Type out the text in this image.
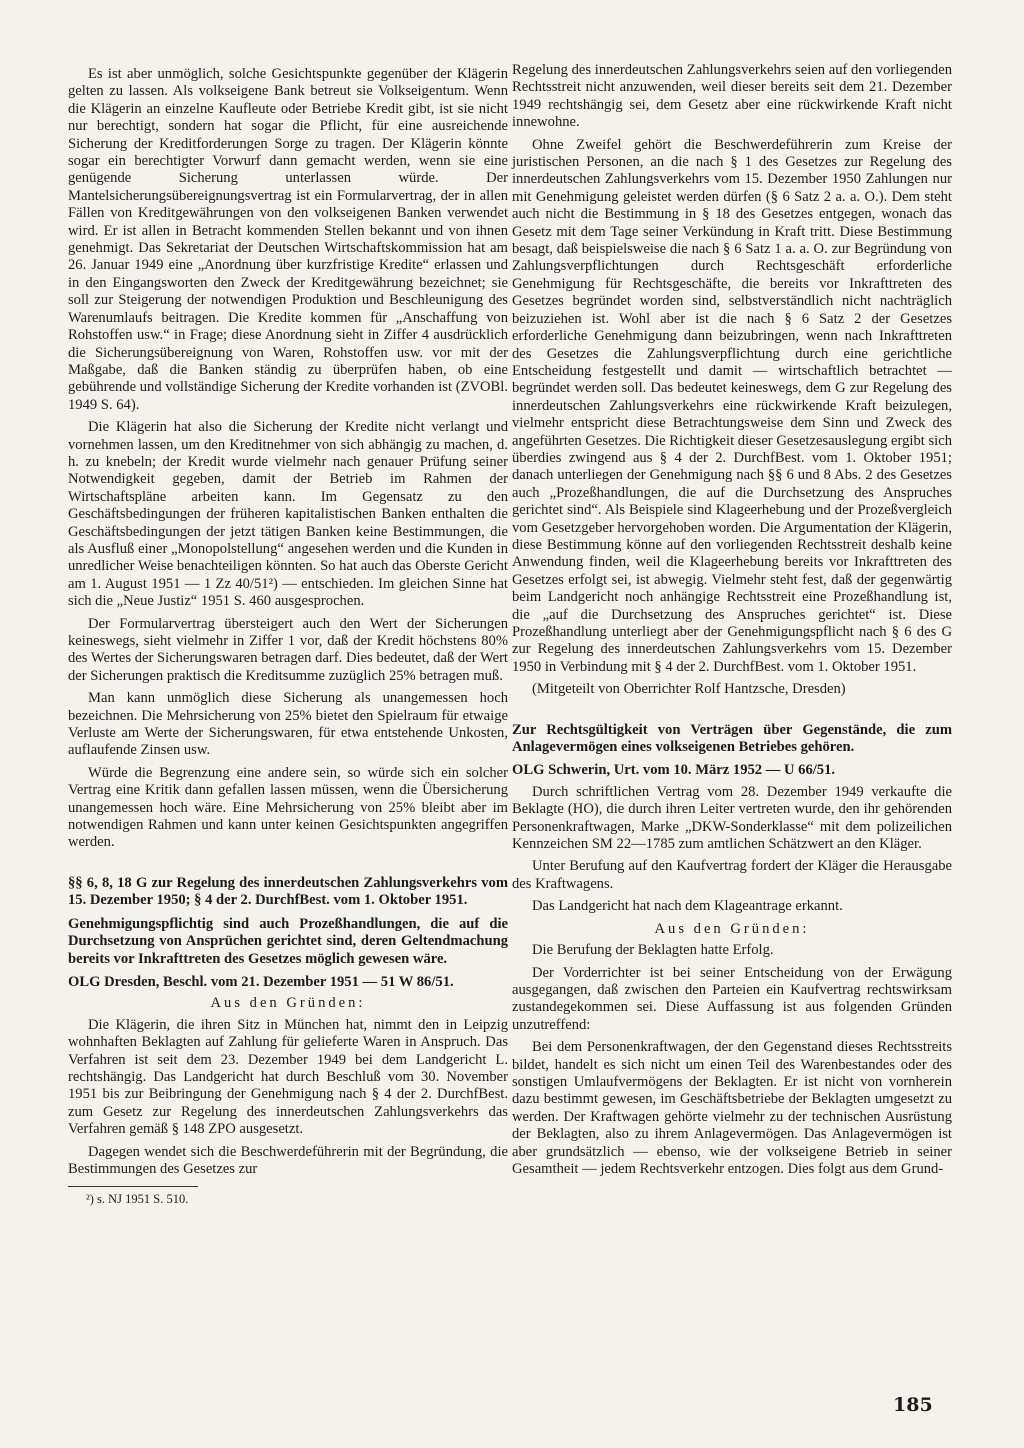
Es ist aber unmöglich, solche Gesichtspunkte gegenüber der Klägerin gelten zu lassen. Als volkseigene Bank betreut sie Volkseigentum. Wenn die Klägerin an einzelne Kaufleute oder Betriebe Kredit gibt, ist sie nicht nur berechtigt, sondern hat sogar die Pflicht, für eine ausreichende Sicherung der Kreditforderungen Sorge zu tragen. Der Klägerin könnte sogar ein berechtigter Vorwurf dann gemacht werden, wenn sie eine genügende Sicherung unterlassen würde. Der Mantelsicherungsübereignungsvertrag ist ein Formularvertrag, der in allen Fällen von Kreditgewährungen von den volkseigenen Banken verwendet wird. Er ist allen in Betracht kommenden Stellen bekannt und von ihnen genehmigt. Das Sekretariat der Deutschen Wirtschaftskommission hat am 26. Januar 1949 eine „Anordnung über kurzfristige Kredite“ erlassen und in den Eingangsworten den Zweck der Kreditgewährung bezeichnet; sie soll zur Steigerung der notwendigen Produktion und Beschleunigung des Warenumlaufs beitragen. Die Kredite kommen für „Anschaffung von Rohstoffen usw.“ in Frage; diese Anordnung sieht in Ziffer 4 ausdrücklich die Sicherungsübereignung von Waren, Rohstoffen usw. vor mit der Maßgabe, daß die Banken ständig zu überprüfen haben, ob eine gebührende und vollständige Sicherung der Kredite vorhanden ist (ZVOBl. 1949 S. 64).

Die Klägerin hat also die Sicherung der Kredite nicht verlangt und vornehmen lassen, um den Kreditnehmer von sich abhängig zu machen, d. h. zu knebeln; der Kredit wurde vielmehr nach genauer Prüfung seiner Notwendigkeit gegeben, damit der Betrieb im Rahmen der Wirtschaftspläne arbeiten kann. Im Gegensatz zu den Geschäftsbedingungen der früheren kapitalistischen Banken enthalten die Geschäftsbedingungen der jetzt tätigen Banken keine Bestimmungen, die als Ausfluß einer „Monopolstellung“ angesehen werden und die Kunden in unredlicher Weise benachteiligen könnten. So hat auch das Oberste Gericht am 1. August 1951 — 1 Zz 40/51²) — entschieden. Im gleichen Sinne hat sich die „Neue Justiz“ 1951 S. 460 ausgesprochen.

Der Formularvertrag übersteigert auch den Wert der Sicherungen keineswegs, sieht vielmehr in Ziffer 1 vor, daß der Kredit höchstens 80% des Wertes der Sicherungswaren betragen darf. Dies bedeutet, daß der Wert der Sicherungen praktisch die Kreditsumme zuzüglich 25% betragen muß.

Man kann unmöglich diese Sicherung als unangemessen hoch bezeichnen. Die Mehrsicherung von 25% bietet den Spielraum für etwaige Verluste am Werte der Sicherungswaren, für etwa entstehende Unkosten, auflaufende Zinsen usw.

Würde die Begrenzung eine andere sein, so würde sich ein solcher Vertrag eine Kritik dann gefallen lassen müssen, wenn die Übersicherung unangemessen hoch wäre. Eine Mehrsicherung von 25% bleibt aber im notwendigen Rahmen und kann unter keinen Gesichtspunkten angegriffen werden.

§§ 6, 8, 18 G zur Regelung des innerdeutschen Zahlungsverkehrs vom 15. Dezember 1950; § 4 der 2. DurchfBest. vom 1. Oktober 1951.
Genehmigungspflichtig sind auch Prozeßhandlungen, die auf die Durchsetzung von Ansprüchen gerichtet sind, deren Geltendmachung bereits vor Inkrafttreten des Gesetzes möglich gewesen wäre.
OLG Dresden, Beschl. vom 21. Dezember 1951 — 51 W 86/51.
Aus den Gründen:

Die Klägerin, die ihren Sitz in München hat, nimmt den in Leipzig wohnhaften Beklagten auf Zahlung für gelieferte Waren in Anspruch. Das Verfahren ist seit dem 23. Dezember 1949 bei dem Landgericht L. rechtshängig. Das Landgericht hat durch Beschluß vom 30. November 1951 bis zur Beibringung der Genehmigung nach § 4 der 2. DurchfBest. zum Gesetz zur Regelung des innerdeutschen Zahlungsverkehrs das Verfahren gemäß § 148 ZPO ausgesetzt.

Dagegen wendet sich die Beschwerdeführerin mit der Begründung, die Bestimmungen des Gesetzes zur

²) s. NJ 1951 S. 510.

Regelung des innerdeutschen Zahlungsverkehrs seien auf den vorliegenden Rechtsstreit nicht anzuwenden, weil dieser bereits seit dem 21. Dezember 1949 rechtshängig sei, dem Gesetz aber eine rückwirkende Kraft nicht innewohne.

Ohne Zweifel gehört die Beschwerdeführerin zum Kreise der juristischen Personen, an die nach § 1 des Gesetzes zur Regelung des innerdeutschen Zahlungsverkehrs vom 15. Dezember 1950 Zahlungen nur mit Genehmigung geleistet werden dürfen (§ 6 Satz 2 a. a. O.). Dem steht auch nicht die Bestimmung in § 18 des Gesetzes entgegen, wonach das Gesetz mit dem Tage seiner Verkündung in Kraft tritt. Diese Bestimmung besagt, daß beispielsweise die nach § 6 Satz 1 a. a. O. zur Begründung von Zahlungsverpflichtungen durch Rechtsgeschäft erforderliche Genehmigung für Rechtsgeschäfte, die bereits vor Inkrafttreten des Gesetzes begründet worden sind, selbstverständlich nicht nachträglich beizuziehen ist. Wohl aber ist die nach § 6 Satz 2 der Gesetzes erforderliche Genehmigung dann beizubringen, wenn nach Inkrafttreten des Gesetzes die Zahlungsverpflichtung durch eine gerichtliche Entscheidung festgestellt und damit — wirtschaftlich betrachtet — begründet werden soll. Das bedeutet keineswegs, dem G zur Regelung des innerdeutschen Zahlungsverkehrs eine rückwirkende Kraft beizulegen, vielmehr entspricht diese Betrachtungsweise dem Sinn und Zweck des angeführten Gesetzes. Die Richtigkeit dieser Gesetzesauslegung ergibt sich überdies zwingend aus § 4 der 2. DurchfBest. vom 1. Oktober 1951; danach unterliegen der Genehmigung nach §§ 6 und 8 Abs. 2 des Gesetzes auch „Prozeßhandlungen, die auf die Durchsetzung des Anspruches gerichtet sind“. Als Beispiele sind Klageerhebung und der Prozeßvergleich vom Gesetzgeber hervorgehoben worden. Die Argumentation der Klägerin, diese Bestimmung könne auf den vorliegenden Rechtsstreit deshalb keine Anwendung finden, weil die Klageerhebung bereits vor Inkrafttreten des Gesetzes erfolgt sei, ist abwegig. Vielmehr steht fest, daß der gegenwärtig beim Landgericht noch anhängige Rechtsstreit eine Prozeßhandlung ist, die „auf die Durchsetzung des Anspruches gerichtet“ ist. Diese Prozeßhandlung unterliegt aber der Genehmigungspflicht nach § 6 des G zur Regelung des innerdeutschen Zahlungsverkehrs vom 15. Dezember 1950 in Verbindung mit § 4 der 2. DurchfBest. vom 1. Oktober 1951.

(Mitgeteilt von Oberrichter Rolf Hantzsche, Dresden)

Zur Rechtsgültigkeit von Verträgen über Gegenstände, die zum Anlagevermögen eines volkseigenen Betriebes gehören.
OLG Schwerin, Urt. vom 10. März 1952 — U 66/51.

Durch schriftlichen Vertrag vom 28. Dezember 1949 verkaufte die Beklagte (HO), die durch ihren Leiter vertreten wurde, den ihr gehörenden Personenkraftwagen, Marke „DKW-Sonderklasse“ mit dem polizeilichen Kennzeichen SM 22—1785 zum amtlichen Schätzwert an den Kläger.

Unter Berufung auf den Kaufvertrag fordert der Kläger die Herausgabe des Kraftwagens.

Das Landgericht hat nach dem Klageantrage erkannt.

Aus den Gründen:

Die Berufung der Beklagten hatte Erfolg.

Der Vorderrichter ist bei seiner Entscheidung von der Erwägung ausgegangen, daß zwischen den Parteien ein Kaufvertrag rechtswirksam zustandegekommen sei. Diese Auffassung ist aus folgenden Gründen unzutreffend:

Bei dem Personenkraftwagen, der den Gegenstand dieses Rechtsstreits bildet, handelt es sich nicht um einen Teil des Warenbestandes oder des sonstigen Umlaufvermögens der Beklagten. Er ist nicht von vornherein dazu bestimmt gewesen, im Geschäftsbetriebe der Beklagten umgesetzt zu werden. Der Kraftwagen gehörte vielmehr zu der technischen Ausrüstung der Beklagten, also zu ihrem Anlagevermögen. Das Anlagevermögen ist aber grundsätzlich — ebenso, wie der volkseigene Betrieb in seiner Gesamtheit — jedem Rechtsverkehr entzogen. Dies folgt aus dem Grund-

185
